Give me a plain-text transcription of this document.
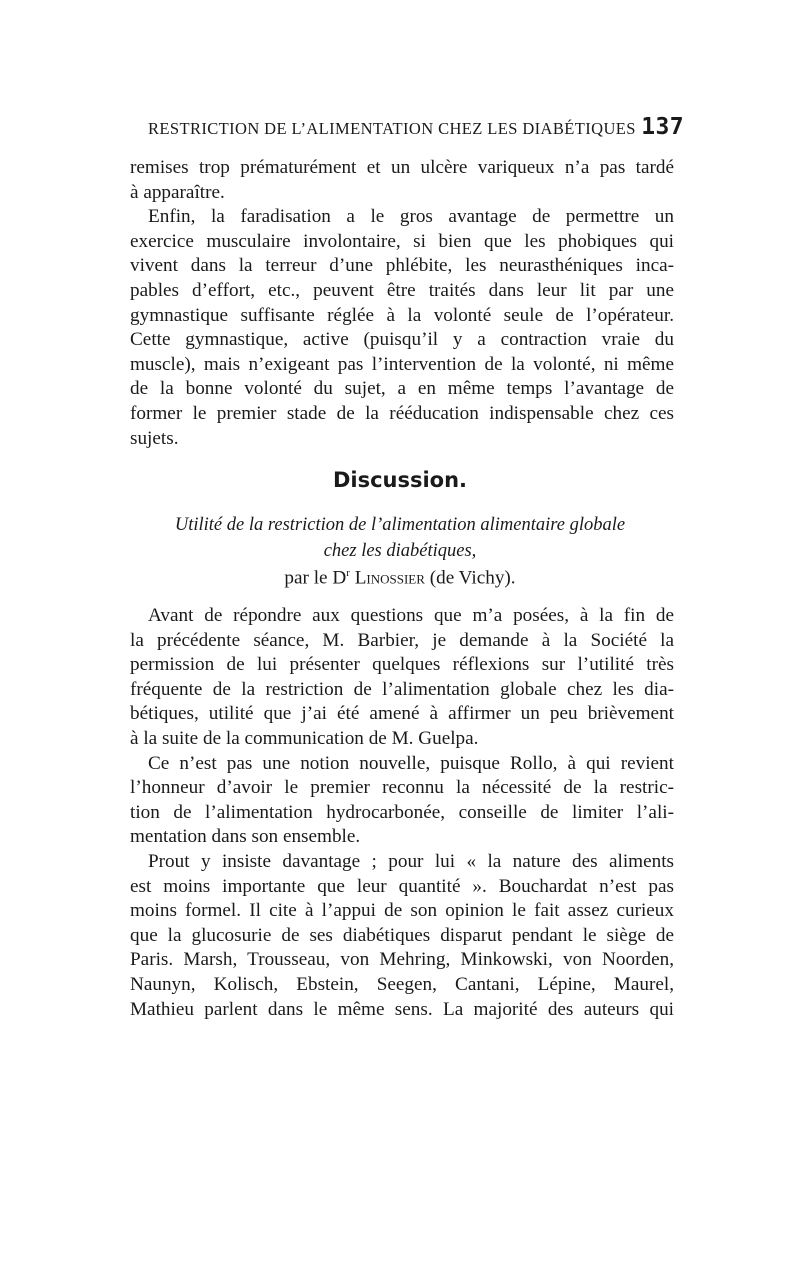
RESTRICTION DE L’ALIMENTATION CHEZ LES DIABÉTIQUES 137
remises trop prématurément et un ulcère variqueux n’a pas tardé
à apparaître.
Enfin, la faradisation a le gros avantage de permettre un
exercice musculaire involontaire, si bien que les phobiques qui
vivent dans la terreur d’une phlébite, les neurasthéniques inca-
pables d’effort, etc., peuvent être traités dans leur lit par une
gymnastique suffisante réglée à la volonté seule de l’opérateur.
Cette gymnastique, active (puisqu’il y a contraction vraie du
muscle), mais n’exigeant pas l’intervention de la volonté, ni même
de la bonne volonté du sujet, a en même temps l’avantage de
former le premier stade de la rééducation indispensable chez ces
sujets.
Discussion.
Utilité de la restriction de l’alimentation alimentaire globale
chez les diabétiques,
par le $D^r$ Linossier (de Vichy).
Avant de répondre aux questions que m’a posées, à la fin de
la précédente séance, M. Barbier, je demande à la Société la
permission de lui présenter quelques réflexions sur l’utilité très
fréquente de la restriction de l’alimentation globale chez les dia-
bétiques, utilité que j’ai été amené à affirmer un peu brièvement
à la suite de la communication de M. Guelpa.
Ce n’est pas une notion nouvelle, puisque Rollo, à qui revient
l’honneur d’avoir le premier reconnu la nécessité de la restric-
tion de l’alimentation hydrocarbonée, conseille de limiter l’ali-
mentation dans son ensemble.
Prout y insiste davantage ; pour lui « la nature des aliments
est moins importante que leur quantité ». Bouchardat n’est pas
moins formel. Il cite à l’appui de son opinion le fait assez curieux
que la glucosurie de ses diabétiques disparut pendant le siège de
Paris. Marsh, Trousseau, von Mehring, Minkowski, von Noorden,
Naunyn, Kolisch, Ebstein, Seegen, Cantani, Lépine, Maurel,
Mathieu parlent dans le même sens. La majorité des auteurs qui
